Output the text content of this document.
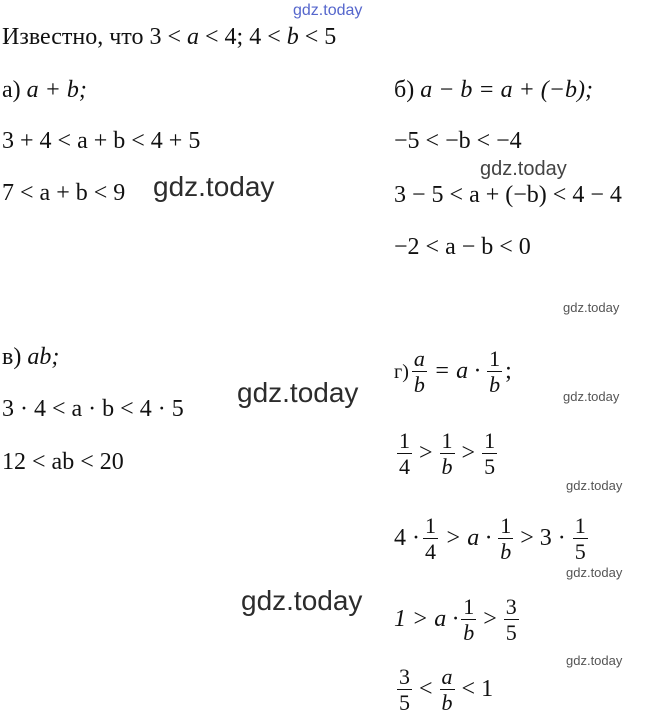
gdz.today
gdz.today
gdz.today
gdz.today
gdz.today	gdz.today
gdz.today
gdz.today
gdz.today
gdz.today
Известно, что 3 < a < 4; 4 < b < 5
а) a + b;
3 + 4 < a + b < 4 + 5
7 < a + b < 9
б) a − b = a + (−b);
−5 < −b < −4
3 − 5 < a + (−b) < 4 − 4
−2 < a − b < 0
в) ab;
3 · 4 < a · b < 4 · 5
12 < ab < 20
$г) \frac{a}{b} = a \cdot \frac{1}{b}$ ;
$\frac{1}{4} > \frac{1}{b} > \frac{1}{5}$
$4 \cdot \frac{1}{4} > a \cdot \frac{1}{b} > 3 \cdot \frac{1}{5}$
$1 > a \cdot \frac{1}{b} > \frac{3}{5}$
$\frac{3}{5} < \frac{a}{b} < 1$
